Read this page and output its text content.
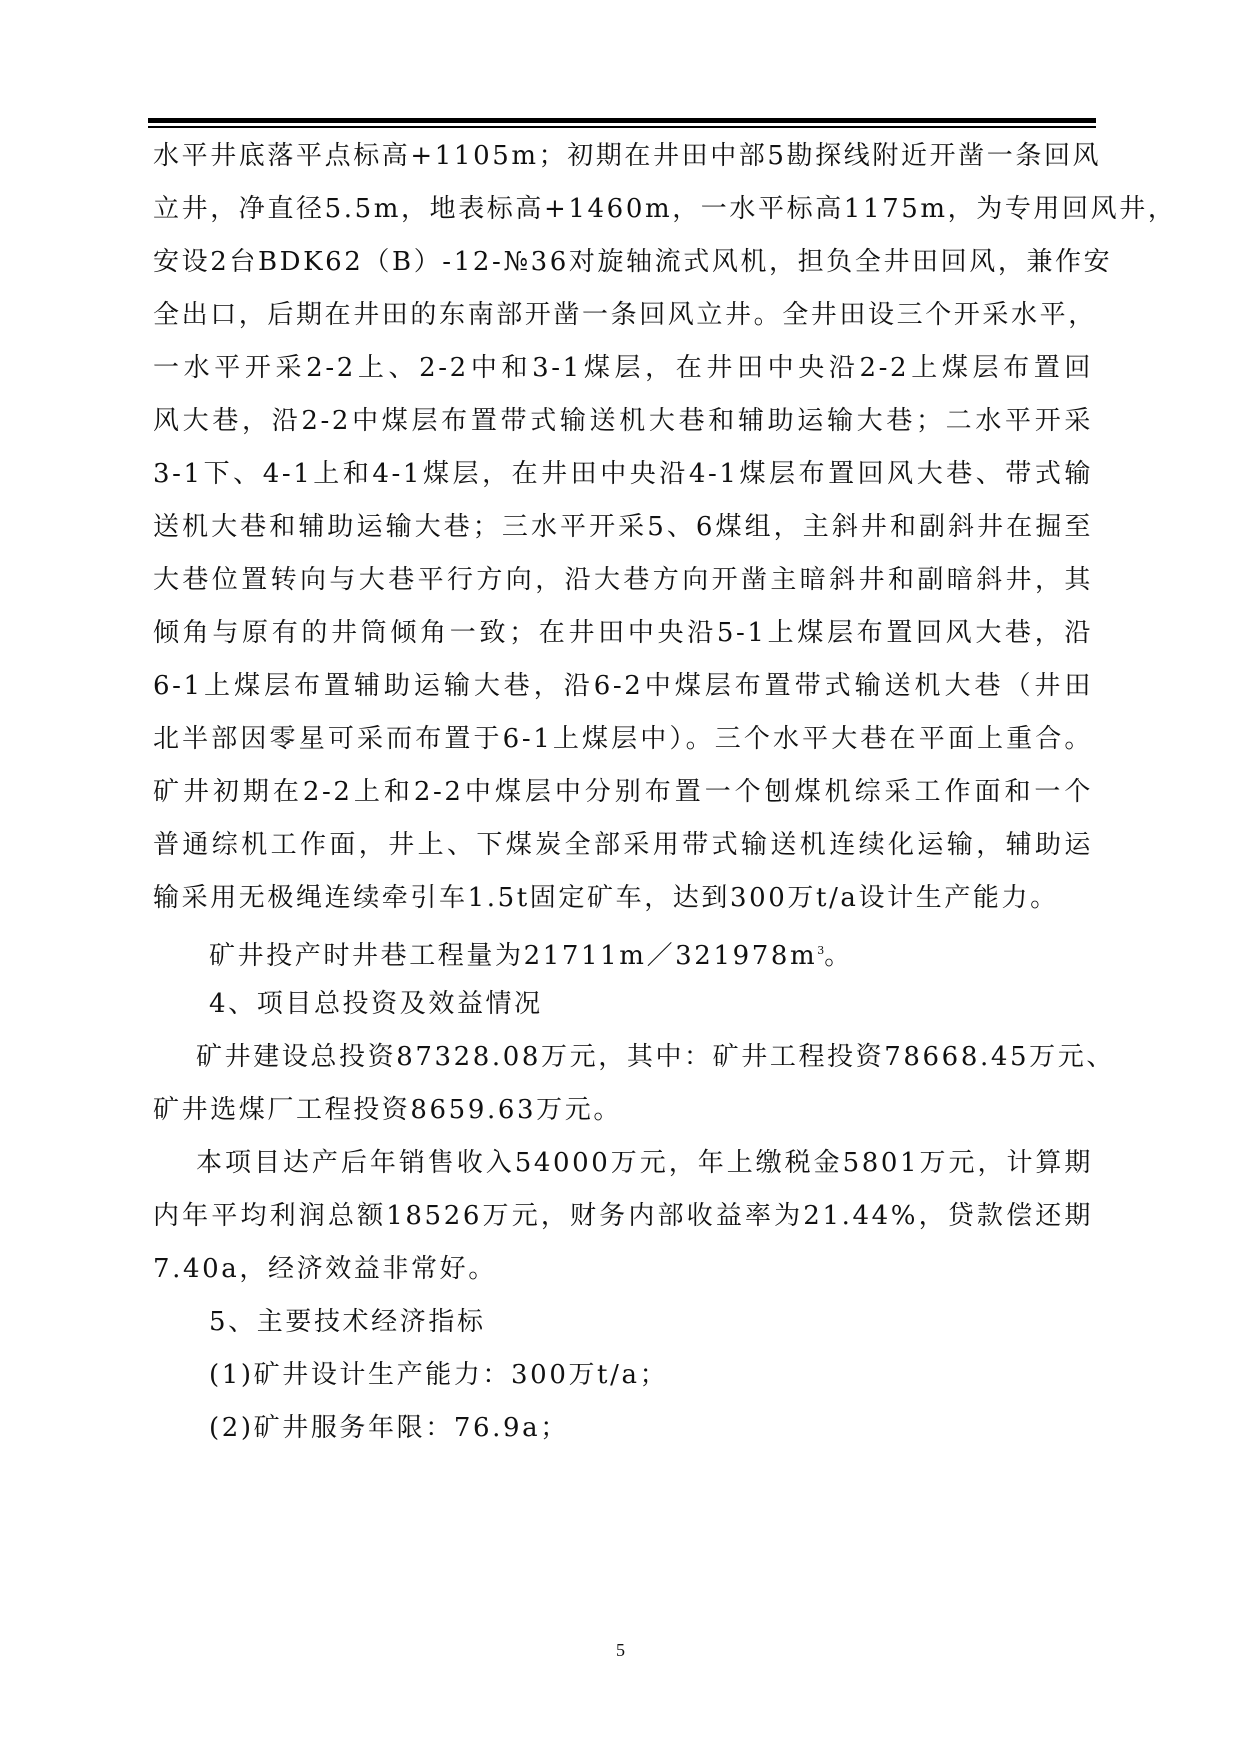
水平井底落平点标高+1105m；初期在井田中部5勘探线附近开凿一条回风
立井，净直径5.5m，地表标高+1460m，一水平标高1175m，为专用回风井，
安设2台BDK62（B）-12-№36对旋轴流式风机，担负全井田回风，兼作安
全出口，后期在井田的东南部开凿一条回风立井。全井田设三个开采水平，
一水平开采2-2上、2-2中和3-1煤层，在井田中央沿2-2上煤层布置回
风大巷，沿2-2中煤层布置带式输送机大巷和辅助运输大巷；二水平开采
3-1下、4-1上和4-1煤层，在井田中央沿4-1煤层布置回风大巷、带式输
送机大巷和辅助运输大巷；三水平开采5、6煤组，主斜井和副斜井在掘至
大巷位置转向与大巷平行方向，沿大巷方向开凿主暗斜井和副暗斜井，其
倾角与原有的井筒倾角一致；在井田中央沿5-1上煤层布置回风大巷，沿
6-1上煤层布置辅助运输大巷，沿6-2中煤层布置带式输送机大巷（井田
北半部因零星可采而布置于6-1上煤层中）。三个水平大巷在平面上重合。
矿井初期在2-2上和2-2中煤层中分别布置一个刨煤机综采工作面和一个
普通综机工作面，井上、下煤炭全部采用带式输送机连续化运输，辅助运
输采用无极绳连续牵引车1.5t固定矿车，达到300万t/a设计生产能力。
矿井投产时井巷工程量为$21711m/321978m^3$。
4、项目总投资及效益情况
矿井建设总投资87328.08万元，其中：矿井工程投资78668.45万元、
矿井选煤厂工程投资8659.63万元。
本项目达产后年销售收入54000万元，年上缴税金5801万元，计算期
内年平均利润总额18526万元，财务内部收益率为21.44%，贷款偿还期
7.40a，经济效益非常好。
5、主要技术经济指标
(1)矿井设计生产能力：300万t/a；
(2)矿井服务年限：76.9a；
5
